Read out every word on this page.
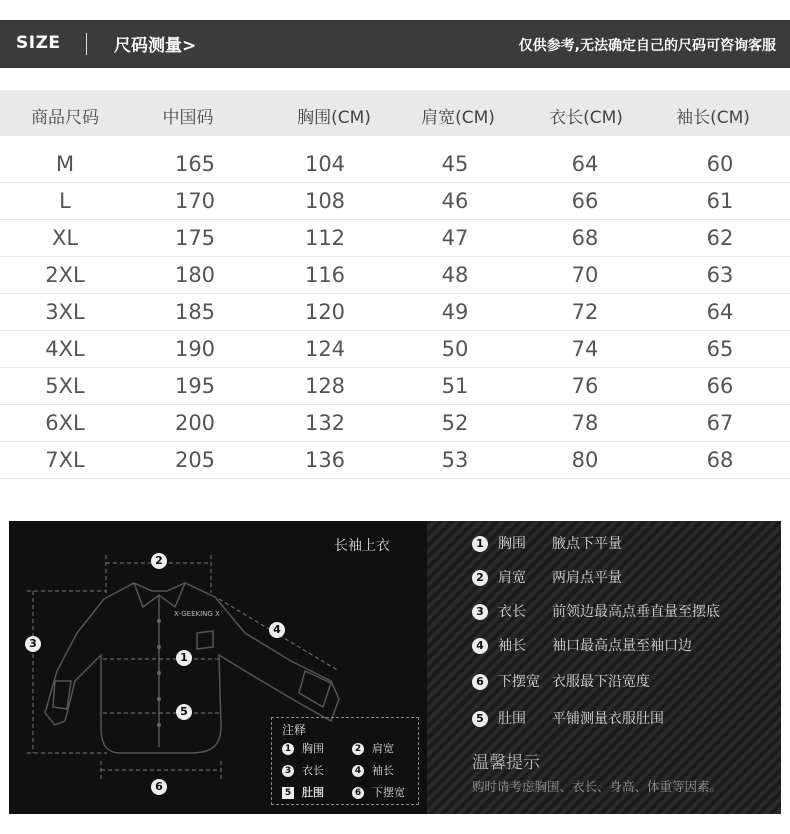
SIZE	尺码测量>	仅供参考,无法确定自己的尺码可咨询客服
商品尺码	中国码	胸围(CM)	肩宽(CM)	衣长(CM)	袖长(CM)
M	165	104	45	64	60
L	170	108	46	66	61
XL	175	112	47	68	62
2XL	180	116	48	70	63
3XL	185	120	49	72	64
4XL	190	124	50	74	65
5XL	195	128	51	76	66
6XL	200	132	52	78	67
7XL	205	136	53	80	68
长袖上衣
X-GEEKING X
2
1
5
3
4
6
注释
1 胸围	2 肩宽
3 衣长	4 袖长
5 肚围	6 下摆宽
1 胸围 腋点下平量
2 肩宽 两肩点平量
3 衣长 前领边最高点垂直量至摆底
4 袖长 袖口最高点量至袖口边
6 下摆宽 衣服最下沿宽度
5 肚围 平铺测量衣服肚围
温馨提示
购时请考虑胸围、衣长、身高、体重等因素。
